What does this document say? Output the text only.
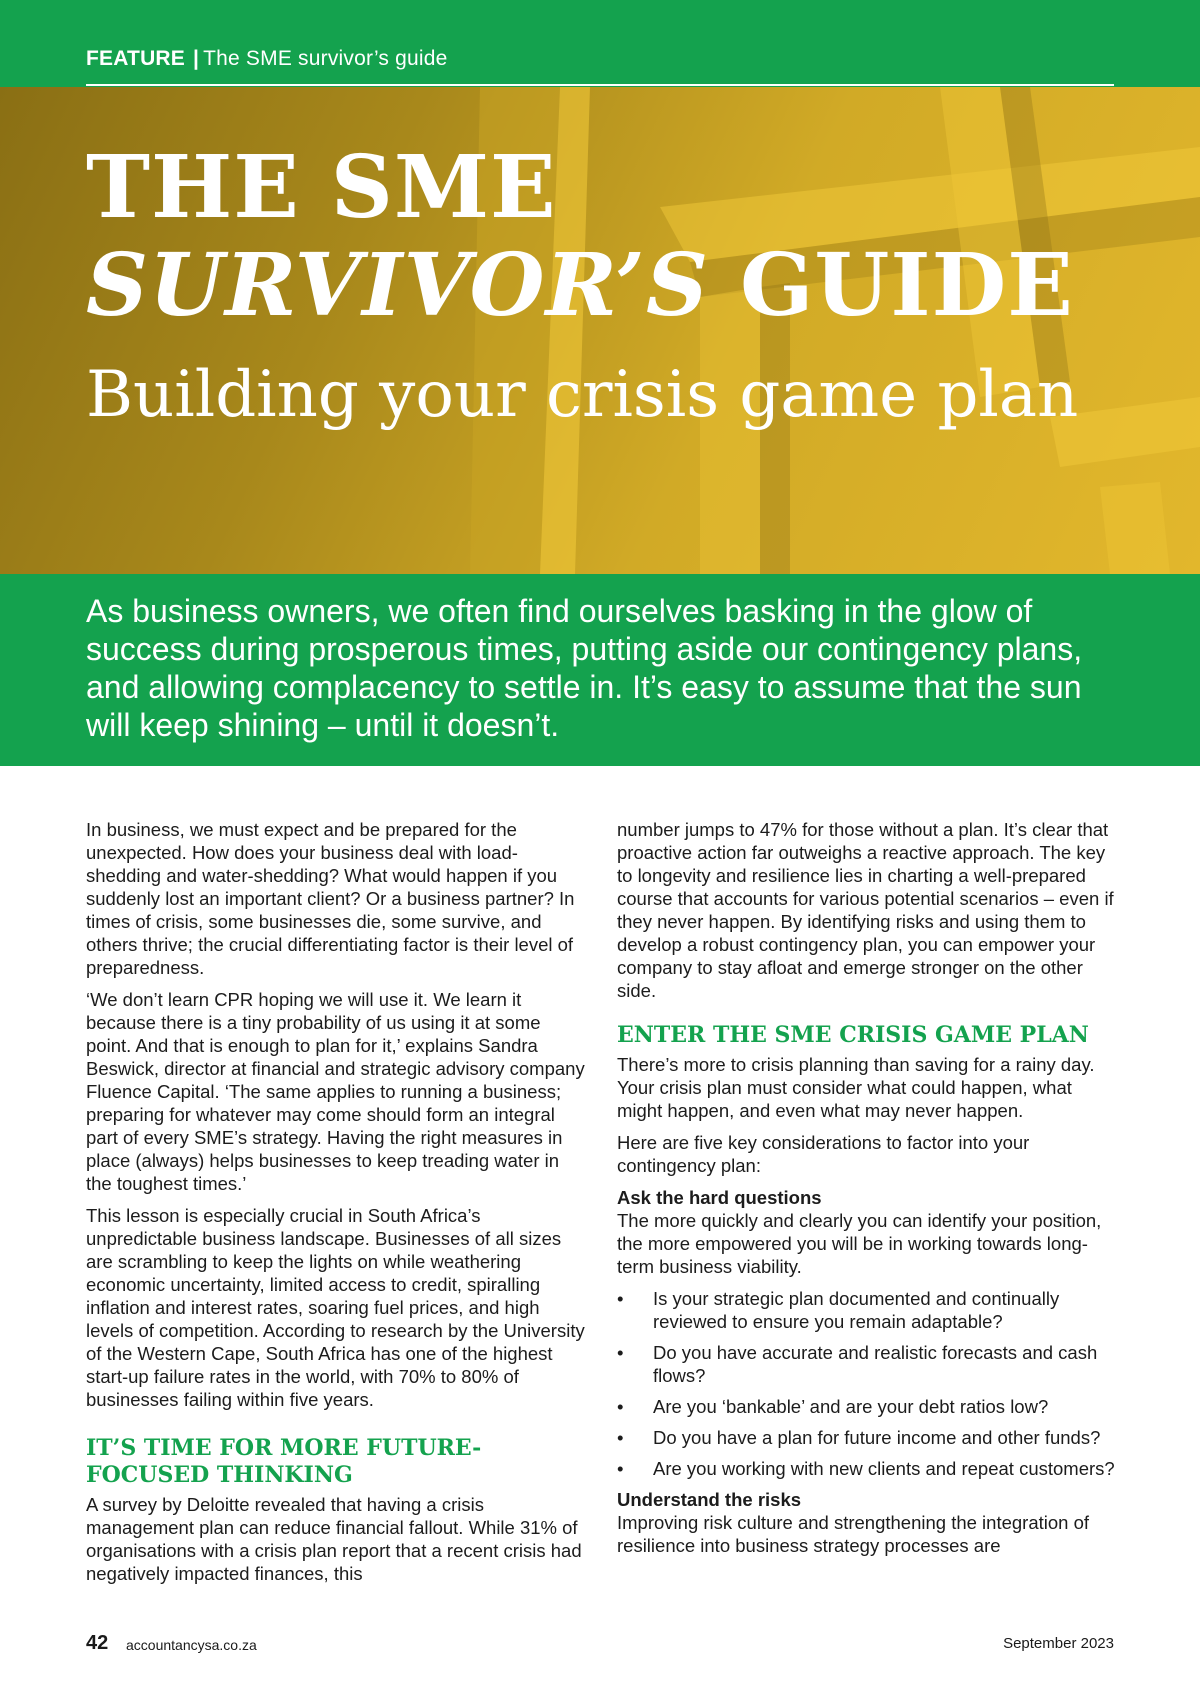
FEATURE | The SME survivor’s guide
THE SME
SURVIVOR’S GUIDE
Building your crisis game plan

As business owners, we often find ourselves basking in the glow of success during prosperous times, putting aside our contingency plans, and allowing complacency to settle in. It’s easy to assume that the sun will keep shining – until it doesn’t.

In business, we must expect and be prepared for the unexpected. How does your business deal with load-shedding and water-shedding? What would happen if you suddenly lost an important client? Or a business partner? In times of crisis, some businesses die, some survive, and others thrive; the crucial differentiating factor is their level of preparedness.

‘We don’t learn CPR hoping we will use it. We learn it because there is a tiny probability of us using it at some point. And that is enough to plan for it,’ explains Sandra Beswick, director at financial and strategic advisory company Fluence Capital. ‘The same applies to running a business; preparing for whatever may come should form an integral part of every SME’s strategy. Having the right measures in place (always) helps businesses to keep treading water in the toughest times.’

This lesson is especially crucial in South Africa’s unpredictable business landscape. Businesses of all sizes are scrambling to keep the lights on while weathering economic uncertainty, limited access to credit, spiralling inflation and interest rates, soaring fuel prices, and high levels of competition. According to research by the University of the Western Cape, South Africa has one of the highest start-up failure rates in the world, with 70% to 80% of businesses failing within five years.

IT’S TIME FOR MORE FUTURE-FOCUSED THINKING

A survey by Deloitte revealed that having a crisis management plan can reduce financial fallout. While 31% of organisations with a crisis plan report that a recent crisis had negatively impacted finances, this

number jumps to 47% for those without a plan. It’s clear that proactive action far outweighs a reactive approach. The key to longevity and resilience lies in charting a well-prepared course that accounts for various potential scenarios – even if they never happen. By identifying risks and using them to develop a robust contingency plan, you can empower your company to stay afloat and emerge stronger on the other side.

ENTER THE SME CRISIS GAME PLAN

There’s more to crisis planning than saving for a rainy day. Your crisis plan must consider what could happen, what might happen, and even what may never happen.

Here are five key considerations to factor into your contingency plan:

Ask the hard questions

The more quickly and clearly you can identify your position, the more empowered you will be in working towards long-term business viability.

• Is your strategic plan documented and continually reviewed to ensure you remain adaptable?
• Do you have accurate and realistic forecasts and cash flows?
• Are you ‘bankable’ and are your debt ratios low?
• Do you have a plan for future income and other funds?
• Are you working with new clients and repeat customers?
Understand the risks

Improving risk culture and strengthening the integration of resilience into business strategy processes are

42 accountancysa.co.za	September 2023
